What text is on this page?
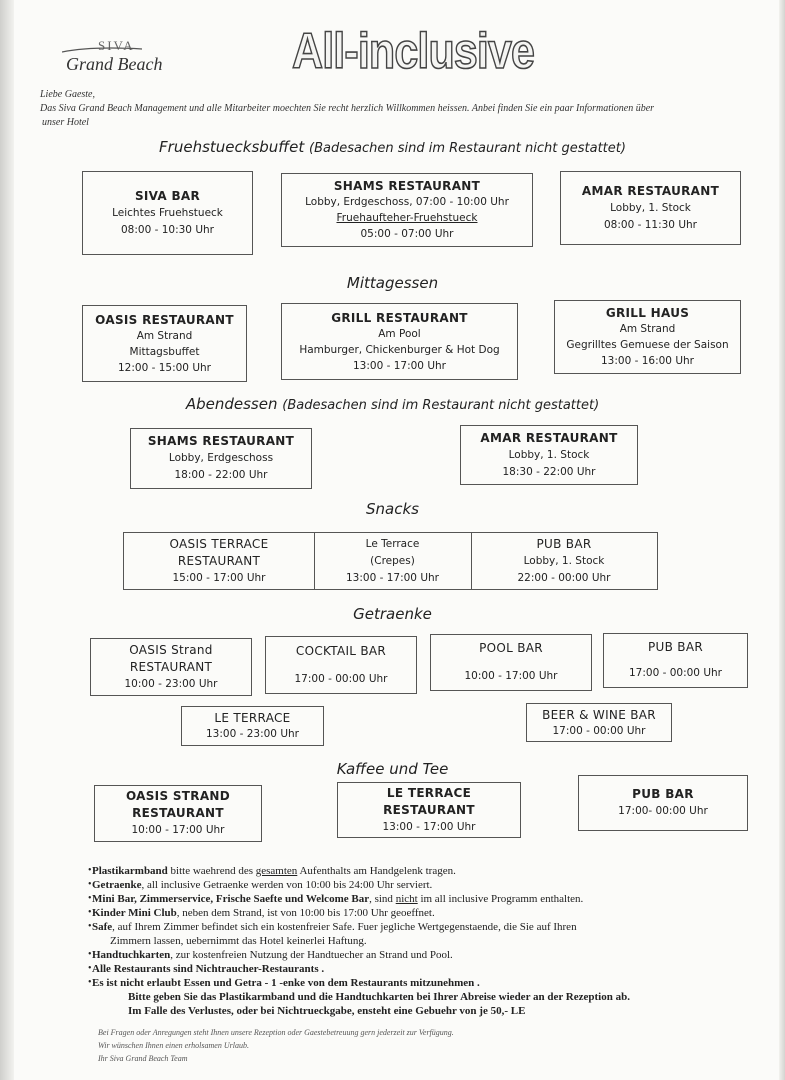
SIVA
Grand Beach	All-inclusive
Liebe Gaeste,
Das Siva Grand Beach Management und alle Mitarbeiter moechten Sie recht herzlich Willkommen heissen. Anbei finden Sie ein paar Informationen über
unser Hotel
Fruehstuecksbuffet (Badesachen sind im Restaurant nicht gestattet)
SIVA BAR
Leichtes Fruehstueck
08:00 - 10:30 Uhr
SHAMS RESTAURANT
Lobby, Erdgeschoss, 07:00 - 10:00 Uhr
Fruehaufteher-Fruehstueck
05:00 - 07:00 Uhr
AMAR RESTAURANT
Lobby, 1. Stock
08:00 - 11:30 Uhr
Mittagessen
OASIS RESTAURANT
Am Strand
Mittagsbuffet
12:00 - 15:00 Uhr
GRILL RESTAURANT
Am Pool
Hamburger, Chickenburger & Hot Dog
13:00 - 17:00 Uhr
GRILL HAUS
Am Strand
Gegrilltes Gemuese der Saison
13:00 - 16:00 Uhr
Abendessen (Badesachen sind im Restaurant nicht gestattet)
SHAMS RESTAURANT
Lobby, Erdgeschoss
18:00 - 22:00 Uhr
AMAR RESTAURANT
Lobby, 1. Stock
18:30 - 22:00 Uhr
Snacks
OASIS TERRACE
RESTAURANT
15:00 - 17:00 Uhr
Le Terrace
(Crepes)
13:00 - 17:00 Uhr
PUB BAR
Lobby, 1. Stock
22:00 - 00:00 Uhr
Getraenke
OASIS Strand
RESTAURANT
10:00 - 23:00 Uhr
COCKTAIL BAR
17:00 - 00:00 Uhr
POOL BAR
10:00 - 17:00 Uhr
PUB BAR
17:00 - 00:00 Uhr
LE TERRACE
13:00 - 23:00 Uhr
BEER & WINE BAR
17:00 - 00:00 Uhr
Kaffee und Tee
OASIS STRAND
RESTAURANT
10:00 - 17:00 Uhr
LE TERRACE
RESTAURANT
13:00 - 17:00 Uhr
PUB BAR
17:00- 00:00 Uhr
• Plastikarmband bitte waehrend des gesamten Aufenthalts am Handgelenk tragen.
• Getraenke, all inclusive Getraenke werden von 10:00 bis 24:00 Uhr serviert.
• Mini Bar, Zimmerservice, Frische Saefte und Welcome Bar, sind nicht im all inclusive Programm enthalten.
• Kinder Mini Club, neben dem Strand, ist von 10:00 bis 17:00 Uhr geoeffnet.
• Safe, auf Ihrem Zimmer befindet sich ein kostenfreier Safe. Fuer jegliche Wertgegenstaende, die Sie auf Ihren
Zimmern lassen, uebernimmt das Hotel keinerlei Haftung.
• Handtuchkarten, zur kostenfreien Nutzung der Handtuecher an Strand und Pool.
• Alle Restaurants sind Nichtraucher-Restaurants .
• Es ist nicht erlaubt Essen und Getra - 1 -enke von dem Restaurants mitzunehmen .
Bitte geben Sie das Plastikarmband und die Handtuchkarten bei Ihrer Abreise wieder an der Rezeption ab.
Im Falle des Verlustes, oder bei Nichtrueckgabe, ensteht eine Gebuehr von je 50,- LE
Bei Fragen oder Anregungen steht Ihnen unsere Rezeption oder Gaestebetreuung gern jederzeit zur Verfügung.
Wir wünschen Ihnen einen erholsamen Urlaub.
Ihr Siva Grand Beach Team
